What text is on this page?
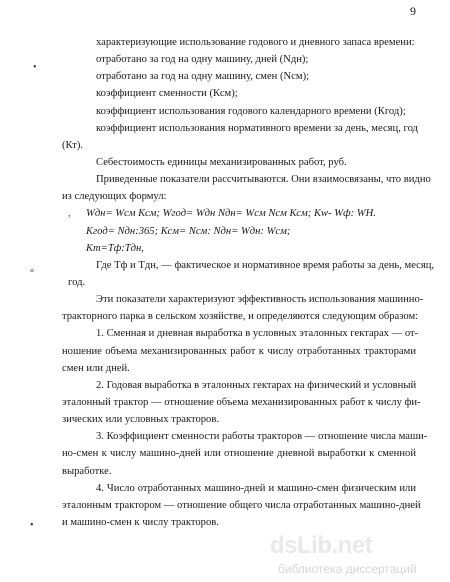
9
•
,
°
•
характеризующие использование годового и дневного запаса времени:
отработано за год на одну машину, дней (Nдн);
отработано за год на одну машину, смен (Nсм);
коэффициент сменности (Ксм);
коэффициент использования годового календарного времени (Кгод);
коэффициент использования нормативного времени за день, месяц, год
(Кт).
Себестоимость единицы механизированных работ, руб.
Приведенные показатели рассчитываются. Они взаимосвязаны, что видно
из следующих формул:
Wдн= Wсм Ксм; Wгод= Wдн Nдн= Wсм Nсм Ксм; Kw- Wф: WН.
Кгод= Nдн:365; Ксм= Nсм: Nдн= Wдн: Wсм;
Кт=Тф:Тдн,
Где Тф и Тдн, — фактическое и нормативное время работы за день, месяц,
год.
Эти показатели характеризуют эффективность использования машинно-
тракторного парка в сельском хозяйстве, и определяются следующим образом:
1. Сменная и дневная выработка в условных эталонных гектарах — от-
ношение объема механизированных работ к числу отработанных тракторами
смен или дней.
2. Годовая выработка в эталонных гектарах на физический и условный
эталонный трактор — отношение объема механизированных работ к числу фи-
зических или условных тракторов.
3. Коэффициент сменности работы тракторов — отношение числа маши-
но-смен к числу машино-дней или отношение дневной выработки к сменной
выработке.
4. Число отработанных машино-дней и машино-смен физическим или
эталонным трактором — отношение общего числа отработанных машино-дней
и машино-смен к числу тракторов.
dsLib.net
библиотека диссертаций
